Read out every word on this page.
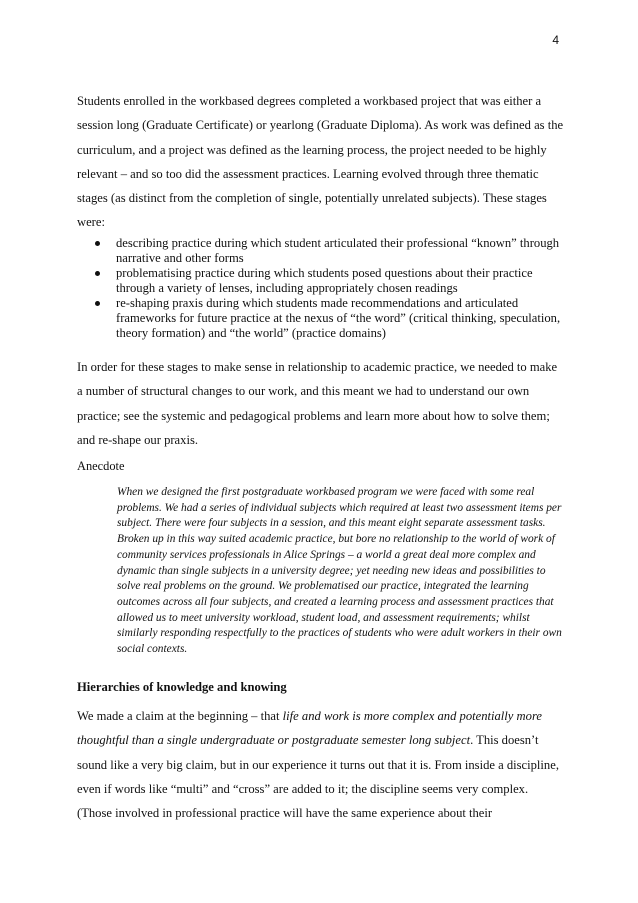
4

Students enrolled in the workbased degrees completed a workbased project that was either a session long (Graduate Certificate) or yearlong (Graduate Diploma). As work was defined as the curriculum, and a project was defined as the learning process, the project needed to be highly relevant – and so too did the assessment practices. Learning evolved through three thematic stages (as distinct from the completion of single, potentially unrelated subjects). These stages were:

describing practice during which student articulated their professional “known” through narrative and other forms
problematising practice during which students posed questions about their practice through a variety of lenses, including appropriately chosen readings
re-shaping praxis during which students made recommendations and articulated frameworks for future practice at the nexus of “the word” (critical thinking, speculation, theory formation) and “the world” (practice domains)

In order for these stages to make sense in relationship to academic practice, we needed to make a number of structural changes to our work, and this meant we had to understand our own practice; see the systemic and pedagogical problems and learn more about how to solve them; and re-shape our praxis.

Anecdote

When we designed the first postgraduate workbased program we were faced with some real problems. We had a series of individual subjects which required at least two assessment items per subject. There were four subjects in a session, and this meant eight separate assessment tasks. Broken up in this way suited academic practice, but bore no relationship to the world of work of community services professionals in Alice Springs – a world a great deal more complex and dynamic than single subjects in a university degree; yet needing new ideas and possibilities to solve real problems on the ground. We problematised our practice, integrated the learning outcomes across all four subjects, and created a learning process and assessment practices that allowed us to meet university workload, student load, and assessment requirements; whilst similarly responding respectfully to the practices of students who were adult workers in their own social contexts.

Hierarchies of knowledge and knowing

We made a claim at the beginning – that life and work is more complex and potentially more thoughtful than a single undergraduate or postgraduate semester long subject. This doesn’t sound like a very big claim, but in our experience it turns out that it is. From inside a discipline, even if words like “multi” and “cross” are added to it; the discipline seems very complex. (Those involved in professional practice will have the same experience about their
